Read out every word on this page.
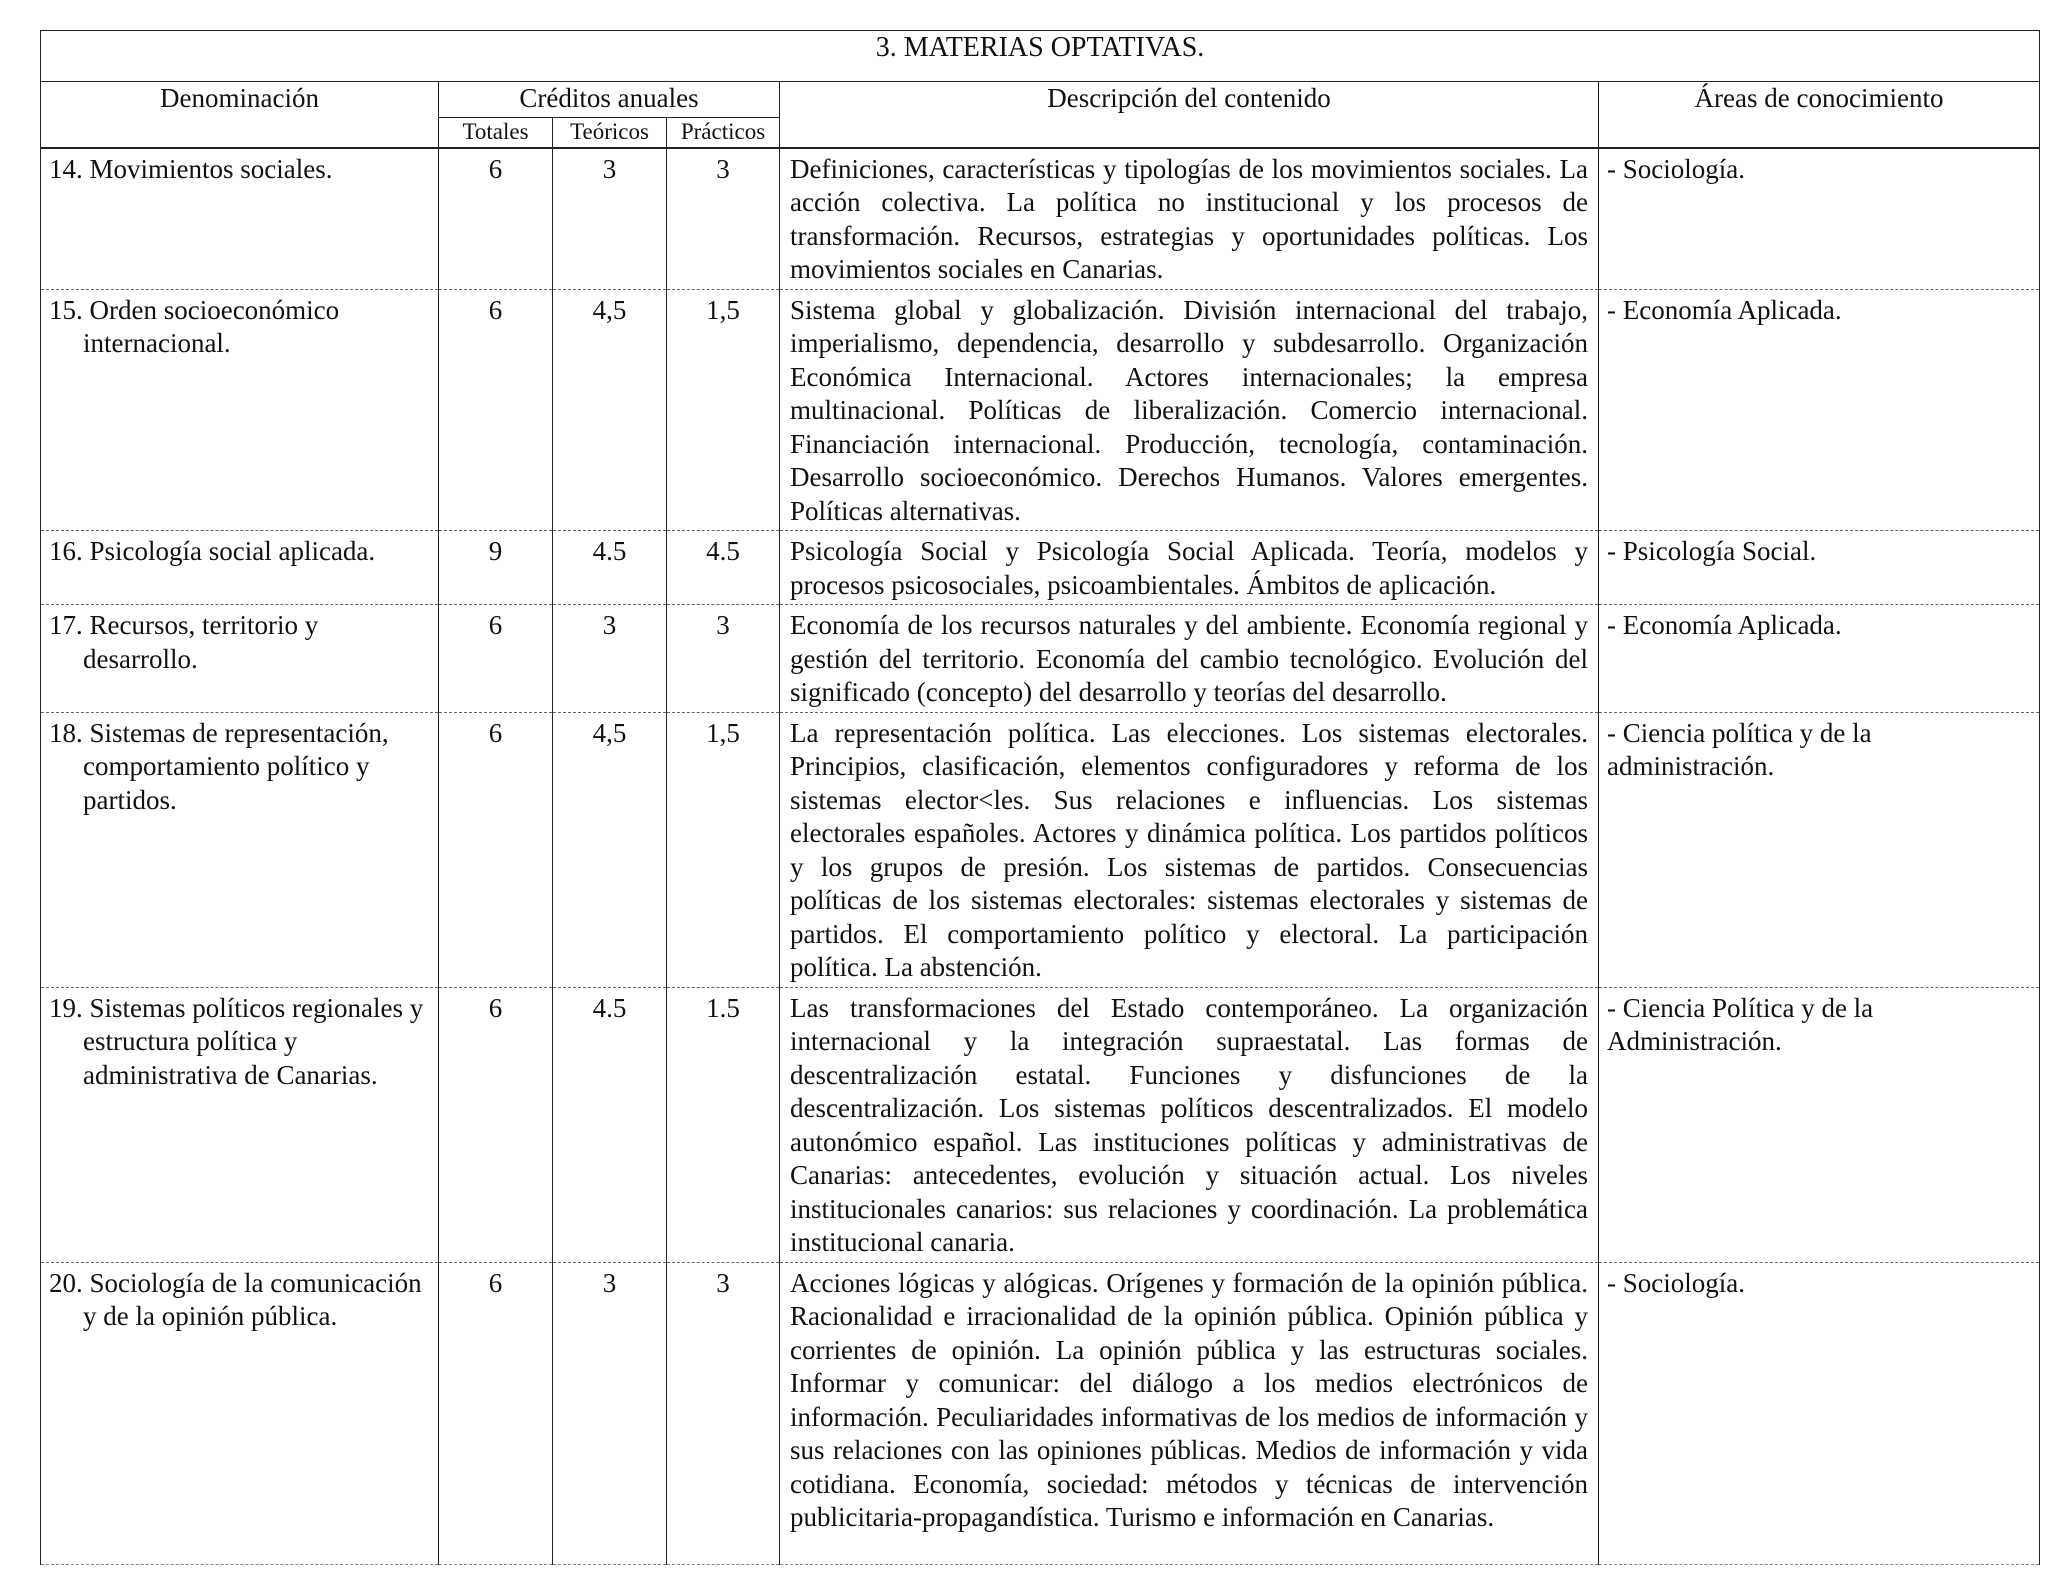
3. MATERIAS OPTATIVAS.					
Denominación	Créditos anuales			Descripción del contenido	Áreas de conocimiento
	Totales	Teóricos	Prácticos		

14. Movimientos sociales.	6	3	3	Definiciones, características y tipologías de los movimientos sociales. La acción colectiva. La política no institucional y los procesos de transformación. Recursos, estrategias y oportunidades políticas. Los movimientos sociales en Canarias.	- Sociología.

15. Orden socioeconómico internacional.	6	4,5	1,5	Sistema global y globalización. División internacional del trabajo, imperialismo, dependencia, desarrollo y subdesarrollo. Organización Económica Internacional. Actores internacionales; la empresa multinacional. Políticas de liberalización. Comercio internacional. Financiación internacional. Producción, tecnología, contaminación. Desarrollo socioeconómico. Derechos Humanos. Valores emergentes. Políticas alternativas.	- Economía Aplicada.

16. Psicología social aplicada.	9	4.5	4.5	Psicología Social y Psicología Social Aplicada. Teoría, modelos y procesos psicosociales, psicoambientales. Ámbitos de aplicación.	- Psicología Social.

17. Recursos, territorio y desarrollo.	6	3	3	Economía de los recursos naturales y del ambiente. Economía regional y gestión del territorio. Economía del cambio tecnológico. Evolución del significado (concepto) del desarrollo y teorías del desarrollo.	- Economía Aplicada.

18. Sistemas de representación, comportamiento político y partidos.	6	4,5	1,5	La representación política. Las elecciones. Los sistemas electorales. Principios, clasificación, elementos configuradores y reforma de los sistemas elector<les. Sus relaciones e influencias. Los sistemas electorales españoles. Actores y dinámica política. Los partidos políticos y los grupos de presión. Los sistemas de partidos. Consecuencias políticas de los sistemas electorales: sistemas electorales y sistemas de partidos. El comportamiento político y electoral. La participación política. La abstención.	- Ciencia política y de la administración.

19. Sistemas políticos regionales y estructura política y administrativa de Canarias.	6	4.5	1.5	Las transformaciones del Estado contemporáneo. La organización internacional y la integración supraestatal. Las formas de descentralización estatal. Funciones y disfunciones de la descentralización. Los sistemas políticos descentralizados. El modelo autonómico español. Las instituciones políticas y administrativas de Canarias: antecedentes, evolución y situación actual. Los niveles institucionales canarios: sus relaciones y coordinación. La problemática institucional canaria.	- Ciencia Política y de la Administración.

20. Sociología de la comunicación y de la opinión pública.	6	3	3	Acciones lógicas y alógicas. Orígenes y formación de la opinión pública. Racionalidad e irracionalidad de la opinión pública. Opinión pública y corrientes de opinión. La opinión pública y las estructuras sociales. Informar y comunicar: del diálogo a los medios electrónicos de información. Peculiaridades informativas de los medios de información y sus relaciones con las opiniones públicas. Medios de información y vida cotidiana. Economía, sociedad: métodos y técnicas de intervención publicitaria-propagandística. Turismo e información en Canarias.	- Sociología.
